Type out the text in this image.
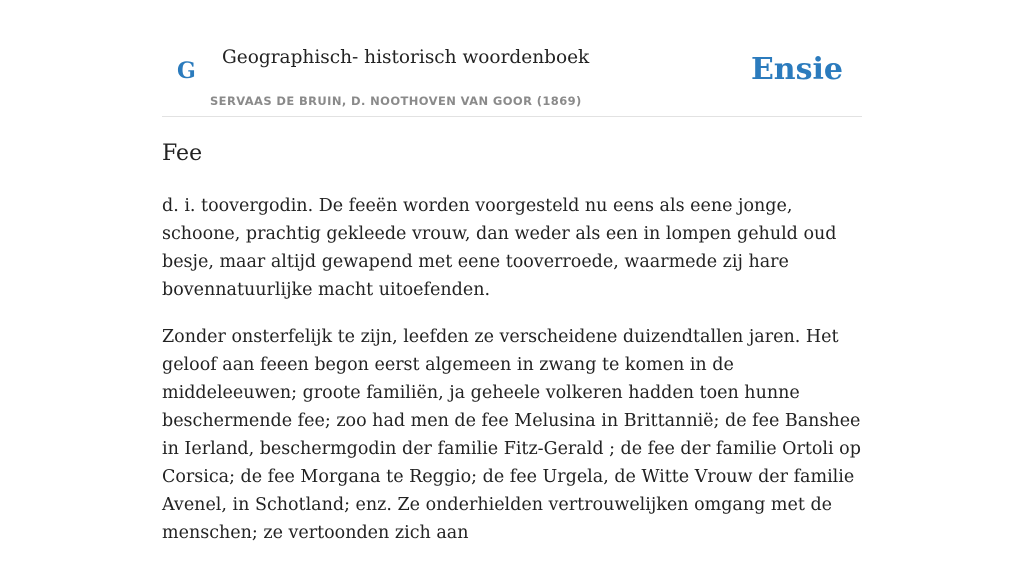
G
Geographisch- historisch woordenboek
SERVAAS DE BRUIN, D. NOOTHOVEN VAN GOOR (1869)
Ensie
Fee

d. i. toovergodin. De feeën worden voorgesteld nu eens als eene jonge, schoone, prachtig gekleede vrouw, dan weder als een in lompen gehuld oud besje, maar altijd gewapend met eene tooverroede, waarmede zij hare bovennatuurlijke macht uitoefenden.

Zonder onsterfelijk te zijn, leefden ze verscheidene duizendtallen jaren. Het geloof aan feeen begon eerst algemeen in zwang te komen in de middeleeuwen; groote familiën, ja geheele volkeren hadden toen hunne beschermende fee; zoo had men de fee Melusina in Brittannië; de fee Banshee in Ierland, beschermgodin der familie Fitz-Gerald ; de fee der familie Ortoli op Corsica; de fee Morgana te Reggio; de fee Urgela, de Witte Vrouw der familie Avenel, in Schotland; enz. Ze onderhielden vertrouwelijken omgang met de menschen; ze vertoonden zich aan
